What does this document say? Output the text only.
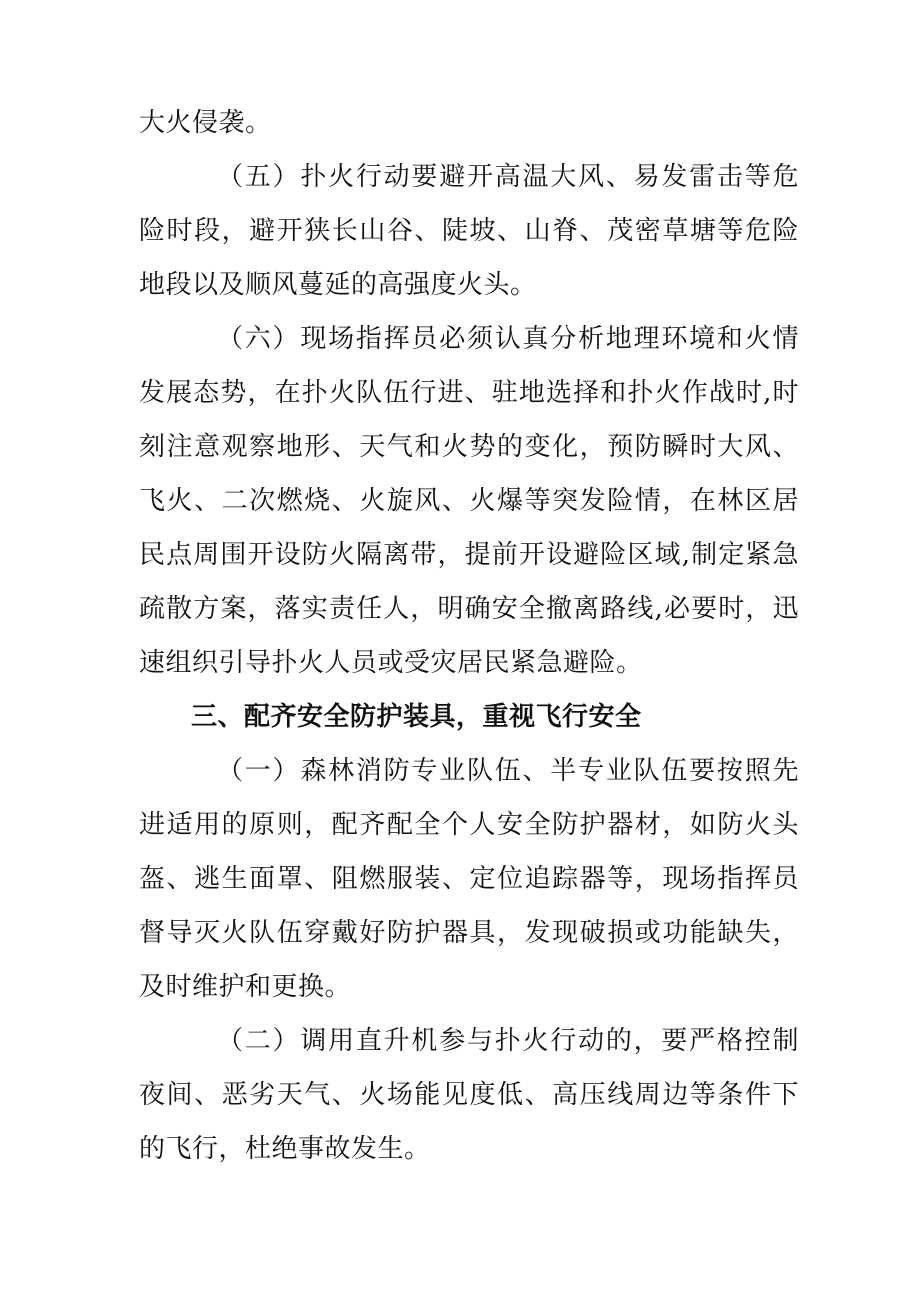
大火侵袭。

（五）扑火行动要避开高温大风、易发雷击等危险时段，避开狭长山谷、陡坡、山脊、茂密草塘等危险地段以及顺风蔓延的高强度火头。

（六）现场指挥员必须认真分析地理环境和火情发展态势，在扑火队伍行进、驻地选择和扑火作战时,时刻注意观察地形、天气和火势的变化，预防瞬时大风、飞火、二次燃烧、火旋风、火爆等突发险情，在林区居民点周围开设防火隔离带，提前开设避险区域,制定紧急疏散方案，落实责任人，明确安全撤离路线,必要时，迅速组织引导扑火人员或受灾居民紧急避险。

三、配齐安全防护装具，重视飞行安全

（一）森林消防专业队伍、半专业队伍要按照先进适用的原则，配齐配全个人安全防护器材，如防火头盔、逃生面罩、阻燃服装、定位追踪器等，现场指挥员督导灭火队伍穿戴好防护器具，发现破损或功能缺失，及时维护和更换。

（二）调用直升机参与扑火行动的，要严格控制夜间、恶劣天气、火场能见度低、高压线周边等条件下的飞行，杜绝事故发生。
